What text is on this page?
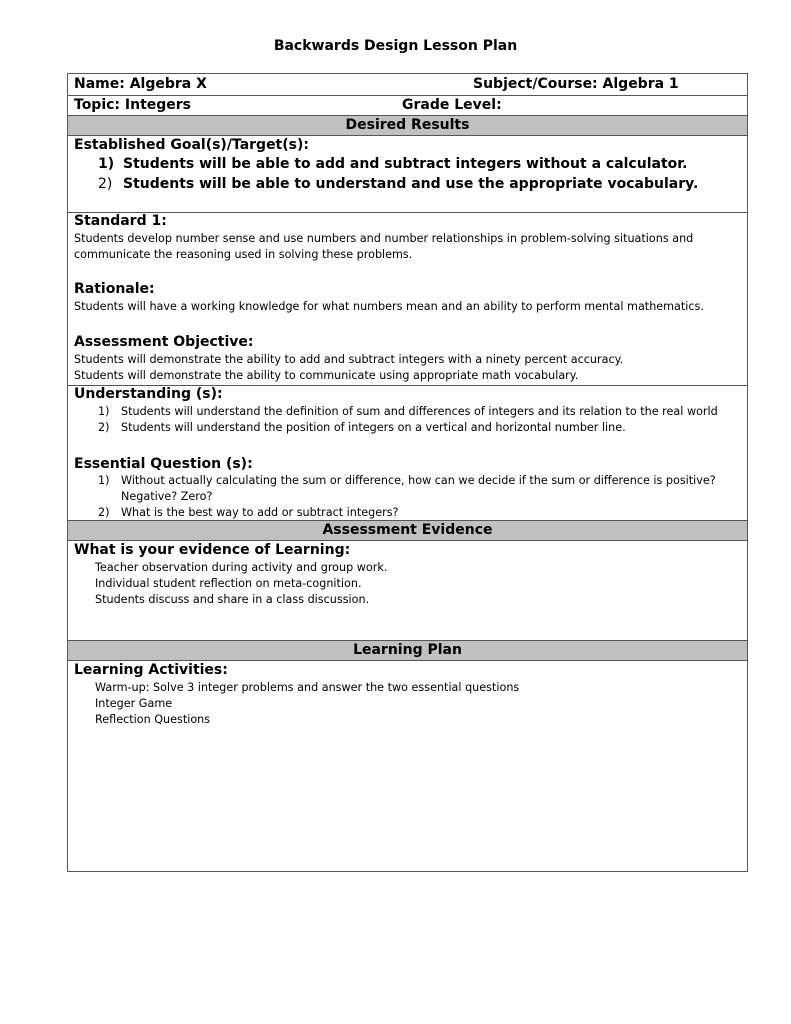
Backwards Design Lesson Plan
Name: Algebra X	Subject/Course: Algebra 1
Topic: Integers	Grade Level:
Desired Results
Established Goal(s)/Target(s):
1) Students will be able to add and subtract integers without a calculator.
2) Students will be able to understand and use the appropriate vocabulary.
Standard 1:
Students develop number sense and use numbers and number relationships in problem-solving situations and
communicate the reasoning used in solving these problems.
Rationale:
Students will have a working knowledge for what numbers mean and an ability to perform mental mathematics.
Assessment Objective:
Students will demonstrate the ability to add and subtract integers with a ninety percent accuracy.
Students will demonstrate the ability to communicate using appropriate math vocabulary.
Understanding (s):
1) Students will understand the definition of sum and differences of integers and its relation to the real world
2) Students will understand the position of integers on a vertical and horizontal number line.
Essential Question (s):
1) Without actually calculating the sum or difference, how can we decide if the sum or difference is positive?
Negative? Zero?
2) What is the best way to add or subtract integers?
Assessment Evidence
What is your evidence of Learning:
Teacher observation during activity and group work.
Individual student reflection on meta-cognition.
Students discuss and share in a class discussion.
Learning Plan
Learning Activities:
Warm-up: Solve 3 integer problems and answer the two essential questions
Integer Game
Reflection Questions
